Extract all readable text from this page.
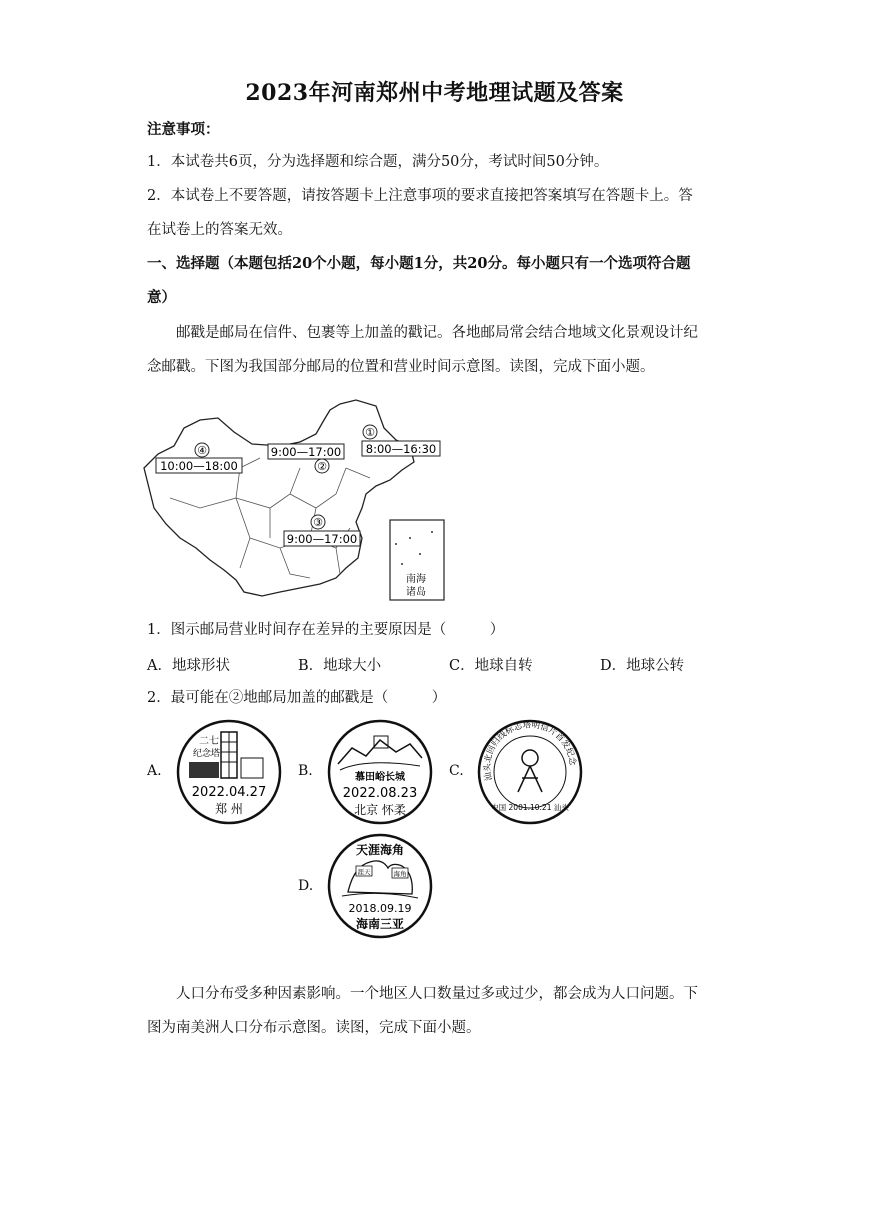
2023年河南郑州中考地理试题及答案
注意事项：
1．本试卷共6页，分为选择题和综合题，满分50分，考试时间50分钟。
2．本试卷上不要答题，请按答题卡上注意事项的要求直接把答案填写在答题卡上。答
在试卷上的答案无效。
一、选择题（本题包括20个小题，每小题1分，共20分。每小题只有一个选项符合题
意）
邮戳是邮局在信件、包裹等上加盖的戳记。各地邮局常会结合地域文化景观设计纪
念邮戳。下图为我国部分邮局的位置和营业时间示意图。读图，完成下面小题。
南海
诸岛
①
8:00—16:30
9:00—17:00
②
③
9:00—17:00
④
10:00—18:00
1．图示邮局营业时间存在差异的主要原因是（　　　）
A．地球形状	B．地球大小	C．地球自转	D．地球公转
2．最可能在②地邮局加盖的邮戳是（　　　）
A.	B.	C.
D.
二七
纪念塔
2022.04.27
郑 州
慕田峪长城
2022.08.23
北京 怀柔
汕头北回归线标志塔明信片首发纪念
中国 2001.10.21 汕头
天涯海角
涯天	海角
2018.09.19
海南三亚
人口分布受多种因素影响。一个地区人口数量过多或过少，都会成为人口问题。下
图为南美洲人口分布示意图。读图，完成下面小题。
